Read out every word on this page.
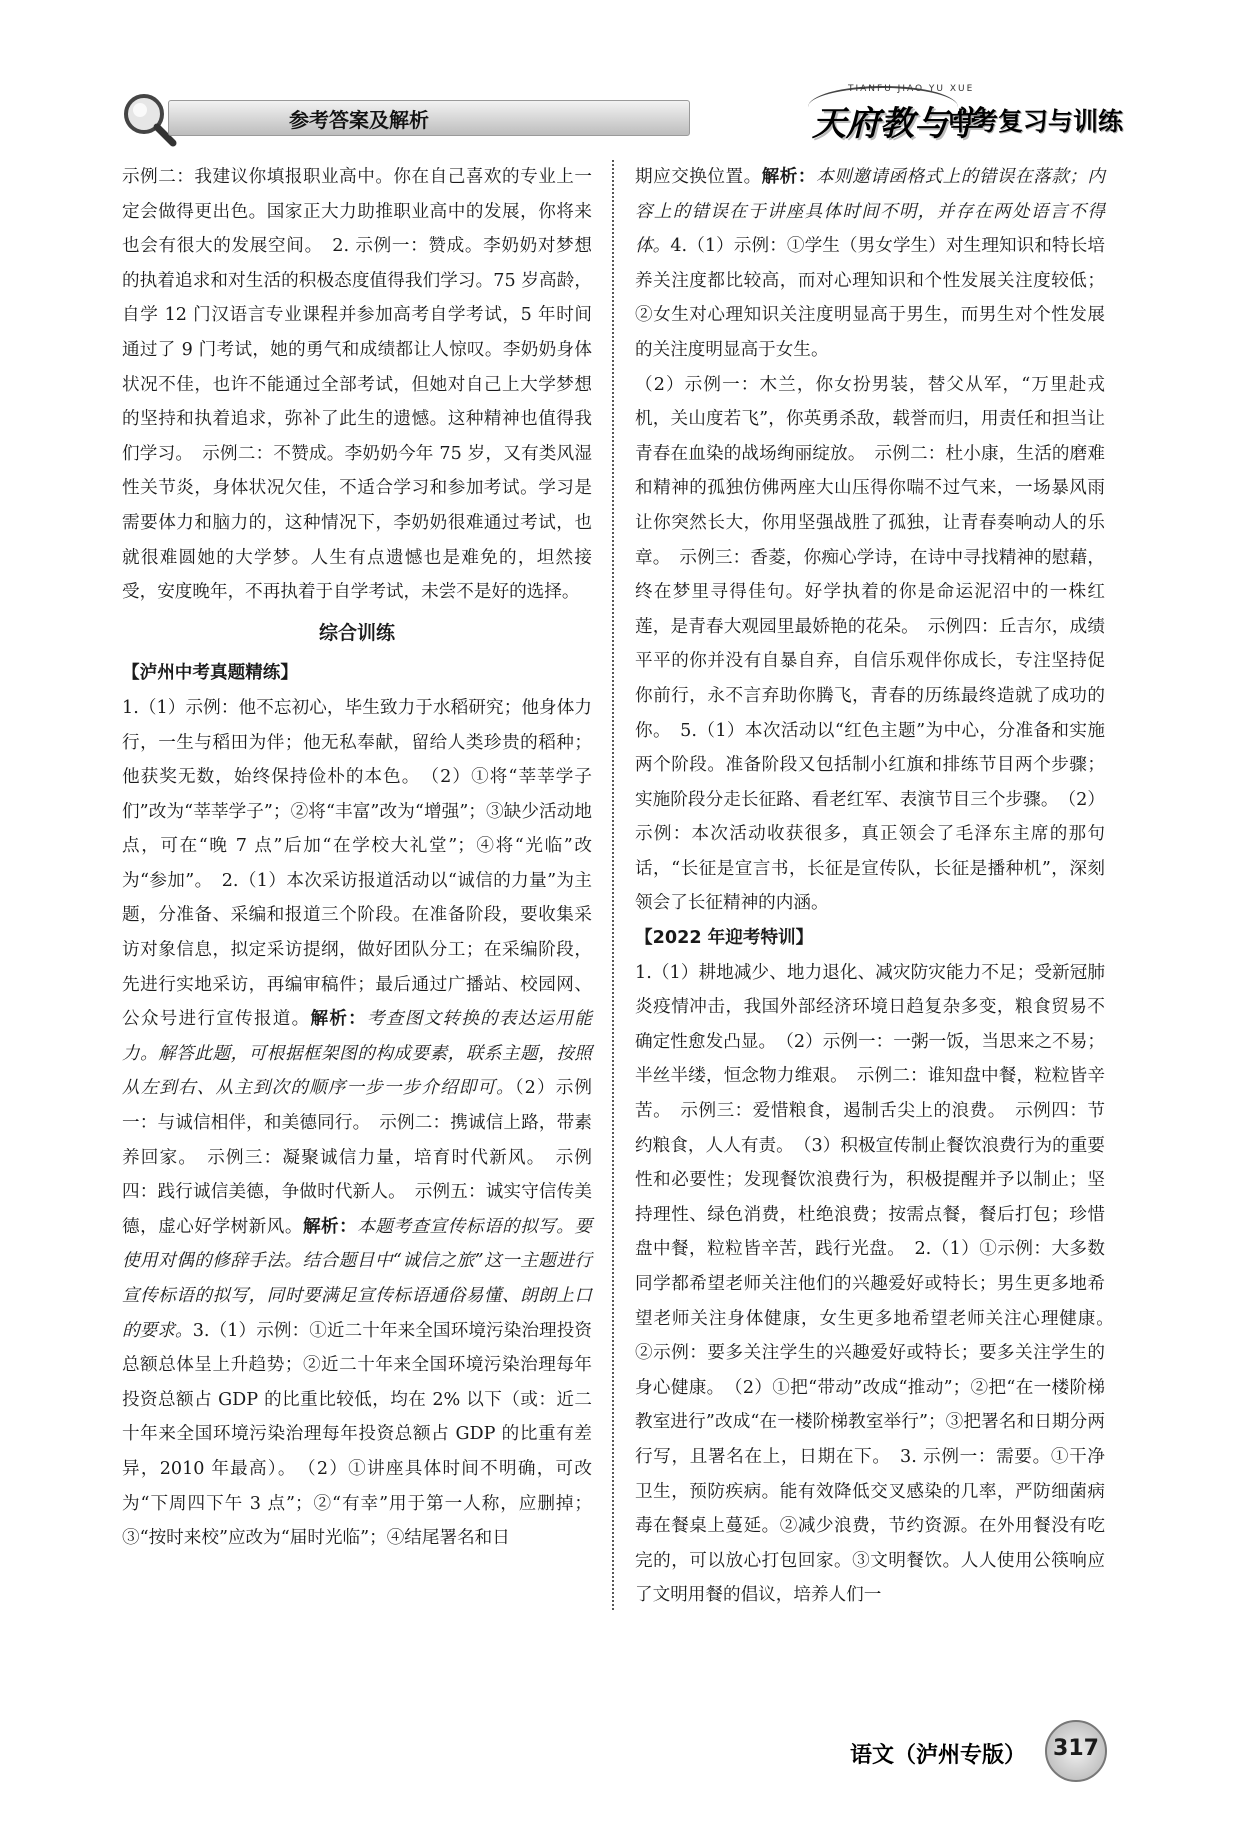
参考答案及解析
TIANFU JIAO YU XUE
天府教与学
中考复习与训练

示例二：我建议你填报职业高中。你在自己喜欢的专业上一定会做得更出色。国家正大力助推职业高中的发展，你将来也会有很大的发展空间。　2. 示例一：赞成。李奶奶对梦想的执着追求和对生活的积极态度值得我们学习。75 岁高龄，自学 12 门汉语言专业课程并参加高考自学考试，5 年时间通过了 9 门考试，她的勇气和成绩都让人惊叹。李奶奶身体状况不佳，也许不能通过全部考试，但她对自己上大学梦想的坚持和执着追求，弥补了此生的遗憾。这种精神也值得我们学习。　示例二：不赞成。李奶奶今年 75 岁，又有类风湿性关节炎，身体状况欠佳，不适合学习和参加考试。学习是需要体力和脑力的，这种情况下，李奶奶很难通过考试，也就很难圆她的大学梦。人生有点遗憾也是难免的，坦然接受，安度晚年，不再执着于自学考试，未尝不是好的选择。

综合训练
【泸州中考真题精练】

1.（1）示例：他不忘初心，毕生致力于水稻研究；他身体力行，一生与稻田为伴；他无私奉献，留给人类珍贵的稻种；他获奖无数，始终保持俭朴的本色。　（2）①将“莘莘学子们”改为“莘莘学子”；②将“丰富”改为“增强”；③缺少活动地点，可在“晚 7 点”后加“在学校大礼堂”；④将“光临”改为“参加”。　2.（1）本次采访报道活动以“诚信的力量”为主题，分准备、采编和报道三个阶段。在准备阶段，要收集采访对象信息，拟定采访提纲，做好团队分工；在采编阶段，先进行实地采访，再编审稿件；最后通过广播站、校园网、公众号进行宣传报道。解析：考查图文转换的表达运用能力。解答此题，可根据框架图的构成要素，联系主题，按照从左到右、从主到次的顺序一步一步介绍即可。（2）示例一：与诚信相伴，和美德同行。　示例二：携诚信上路，带素养回家。　示例三：凝聚诚信力量，培育时代新风。　示例四：践行诚信美德，争做时代新人。　示例五：诚实守信传美德，虚心好学树新风。解析：本题考查宣传标语的拟写。要使用对偶的修辞手法。结合题目中“诚信之旅”这一主题进行宣传标语的拟写，同时要满足宣传标语通俗易懂、朗朗上口的要求。3.（1）示例：①近二十年来全国环境污染治理投资总额总体呈上升趋势；②近二十年来全国环境污染治理每年投资总额占 GDP 的比重比较低，均在 2% 以下（或：近二十年来全国环境污染治理每年投资总额占 GDP 的比重有差异，2010 年最高）。　（2）①讲座具体时间不明确，可改为“下周四下午 3 点”；②“有幸”用于第一人称，应删掉；③“按时来校”应改为“届时光临”；④结尾署名和日

期应交换位置。解析：本则邀请函格式上的错误在落款；内容上的错误在于讲座具体时间不明，并存在两处语言不得体。4.（1）示例：①学生（男女学生）对生理知识和特长培养关注度都比较高，而对心理知识和个性发展关注度较低；②女生对心理知识关注度明显高于男生，而男生对个性发展的关注度明显高于女生。

（2）示例一：木兰，你女扮男装，替父从军，“万里赴戎机，关山度若飞”，你英勇杀敌，载誉而归，用责任和担当让青春在血染的战场绚丽绽放。　示例二：杜小康，生活的磨难和精神的孤独仿佛两座大山压得你喘不过气来，一场暴风雨让你突然长大，你用坚强战胜了孤独，让青春奏响动人的乐章。　示例三：香菱，你痴心学诗，在诗中寻找精神的慰藉，终在梦里寻得佳句。好学执着的你是命运泥沼中的一株红莲，是青春大观园里最娇艳的花朵。　示例四：丘吉尔，成绩平平的你并没有自暴自弃，自信乐观伴你成长，专注坚持促你前行，永不言弃助你腾飞，青春的历练最终造就了成功的你。　5.（1）本次活动以“红色主题”为中心，分准备和实施两个阶段。准备阶段又包括制小红旗和排练节目两个步骤；实施阶段分走长征路、看老红军、表演节目三个步骤。　（2）示例：本次活动收获很多，真正领会了毛泽东主席的那句话，“长征是宣言书，长征是宣传队，长征是播种机”，深刻领会了长征精神的内涵。

【2022 年迎考特训】

1.（1）耕地减少、地力退化、减灾防灾能力不足；受新冠肺炎疫情冲击，我国外部经济环境日趋复杂多变，粮食贸易不确定性愈发凸显。　（2）示例一：一粥一饭，当思来之不易；半丝半缕，恒念物力维艰。　示例二：谁知盘中餐，粒粒皆辛苦。　示例三：爱惜粮食，遏制舌尖上的浪费。　示例四：节约粮食，人人有责。　（3）积极宣传制止餐饮浪费行为的重要性和必要性；发现餐饮浪费行为，积极提醒并予以制止；坚持理性、绿色消费，杜绝浪费；按需点餐，餐后打包；珍惜盘中餐，粒粒皆辛苦，践行光盘。　2.（1）①示例：大多数同学都希望老师关注他们的兴趣爱好或特长；男生更多地希望老师关注身体健康，女生更多地希望老师关注心理健康。　②示例：要多关注学生的兴趣爱好或特长；要多关注学生的身心健康。　（2）①把“带动”改成“推动”；②把“在一楼阶梯教室进行”改成“在一楼阶梯教室举行”；③把署名和日期分两行写，且署名在上，日期在下。　3. 示例一：需要。①干净卫生，预防疾病。能有效降低交叉感染的几率，严防细菌病毒在餐桌上蔓延。②减少浪费，节约资源。在外用餐没有吃完的，可以放心打包回家。③文明餐饮。人人使用公筷响应了文明用餐的倡议，培养人们一

语文（泸州专版）	317
